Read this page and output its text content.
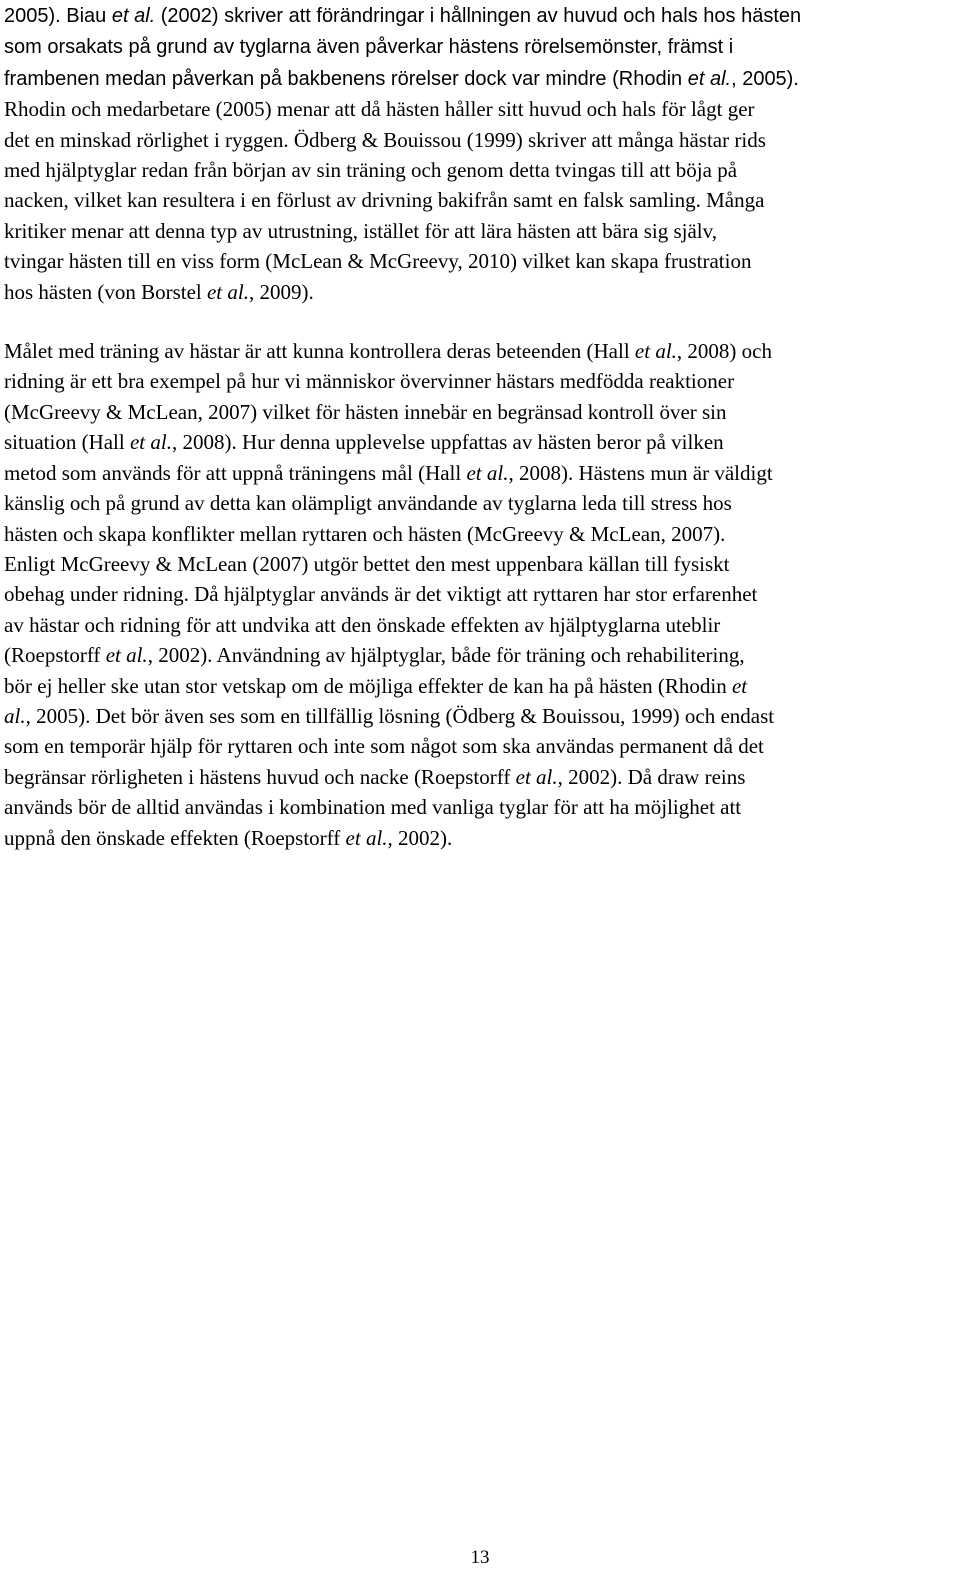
2005). Biau et al. (2002) skriver att förändringar i hållningen av huvud och hals hos hästen
som orsakats på grund av tyglarna även påverkar hästens rörelsemönster, främst i
frambenen medan påverkan på bakbenens rörelser dock var mindre (Rhodin et al., 2005).
Rhodin och medarbetare (2005) menar att då hästen håller sitt huvud och hals för lågt ger
det en minskad rörlighet i ryggen. Ödberg & Bouissou (1999) skriver att många hästar rids
med hjälptyglar redan från början av sin träning och genom detta tvingas till att böja på
nacken, vilket kan resultera i en förlust av drivning bakifrån samt en falsk samling. Många
kritiker menar att denna typ av utrustning, istället för att lära hästen att bära sig själv,
tvingar hästen till en viss form (McLean & McGreevy, 2010) vilket kan skapa frustration
hos hästen (von Borstel et al., 2009).

Målet med träning av hästar är att kunna kontrollera deras beteenden (Hall et al., 2008) och
ridning är ett bra exempel på hur vi människor övervinner hästars medfödda reaktioner
(McGreevy & McLean, 2007) vilket för hästen innebär en begränsad kontroll över sin
situation (Hall et al., 2008). Hur denna upplevelse uppfattas av hästen beror på vilken
metod som används för att uppnå träningens mål (Hall et al., 2008). Hästens mun är väldigt
känslig och på grund av detta kan olämpligt användande av tyglarna leda till stress hos
hästen och skapa konflikter mellan ryttaren och hästen (McGreevy & McLean, 2007).
Enligt McGreevy & McLean (2007) utgör bettet den mest uppenbara källan till fysiskt
obehag under ridning. Då hjälptyglar används är det viktigt att ryttaren har stor erfarenhet
av hästar och ridning för att undvika att den önskade effekten av hjälptyglarna uteblir
(Roepstorff et al., 2002). Användning av hjälptyglar, både för träning och rehabilitering,
bör ej heller ske utan stor vetskap om de möjliga effekter de kan ha på hästen (Rhodin et
al., 2005). Det bör även ses som en tillfällig lösning (Ödberg & Bouissou, 1999) och endast
som en temporär hjälp för ryttaren och inte som något som ska användas permanent då det
begränsar rörligheten i hästens huvud och nacke (Roepstorff et al., 2002). Då draw reins
används bör de alltid användas i kombination med vanliga tyglar för att ha möjlighet att
uppnå den önskade effekten (Roepstorff et al., 2002).

13
